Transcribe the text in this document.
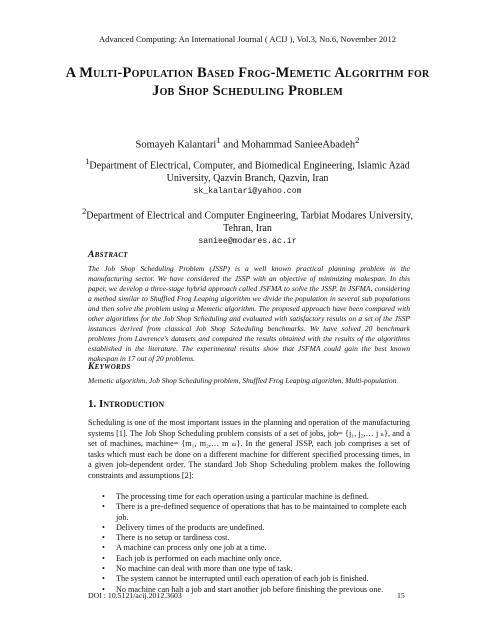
Advanced Computing: An International Journal ( ACIJ ), Vol.3, No.6, November 2012
A Multi-Population Based Frog-Memetic Algorithm for Job Shop Scheduling Problem
Somayeh Kalantari$^1$ and Mohammad SanieeAbadeh$^2$
$^1$Department of Electrical, Computer, and Biomedical Engineering, Islamic Azad University, Qazvin Branch, Qazvin, Iran
sk_kalantari@yahoo.com
$^2$Department of Electrical and Computer Engineering, Tarbiat Modares University, Tehran, Iran
saniee@modares.ac.ir
Abstract
The Job Shop Scheduling Problem (JSSP) is a well known practical planning problem in the manufacturing sector. We have considered the JSSP with an objective of minimizing makespan. In this paper, we develop a three-stage hybrid approach called JSFMA to solve the JSSP. In JSFMA, considering a method similar to Shuffled Frog Leaping algorithm we divide the population in several sub populations and then solve the problem using a Memetic algorithm. The proposed approach have been compared with other algorithms for the Job Shop Scheduling and evaluated with satisfactory results on a set of the JSSP instances derived from classical Job Shop Scheduling benchmarks. We have solved 20 benchmark problems from Lawrence's datasets and compared the results obtained with the results of the algorithms established in the literature. The experimental results show that JSFMA could gain the best known makespan in 17 out of 20 problems.
Keywords
Memetic algorithm, Job Shop Scheduling problem, Shuffled Frog Leaping algorithm, Multi-population
1. Introduction
Scheduling is one of the most important issues in the planning and operation of the manufacturing systems [1]. The Job Shop Scheduling problem consists of a set of jobs, job= {j₁, j₂,… j ₙ}, and a set of machines, machine= {m₁, m₂,… m ₘ}. In the general JSSP, each job comprises a set of tasks which must each be done on a different machine for different specified processing times, in a given job-dependent order. The standard Job Shop Scheduling problem makes the following constraints and assumptions [2]:
• The processing time for each operation using a particular machine is defined.
• There is a pre-defined sequence of operations that has to be maintained to complete each job.
• Delivery times of the products are undefined.
• There is no setup or tardiness cost.
• A machine can process only one job at a time.
• Each job is performed on each machine only once.
• No machine can deal with more than one type of task.
• The system cannot be interrupted until each operation of each job is finished.
• No machine can halt a job and start another job before finishing the previous one.
DOI : 10.5121/acij.2012.3603	15
